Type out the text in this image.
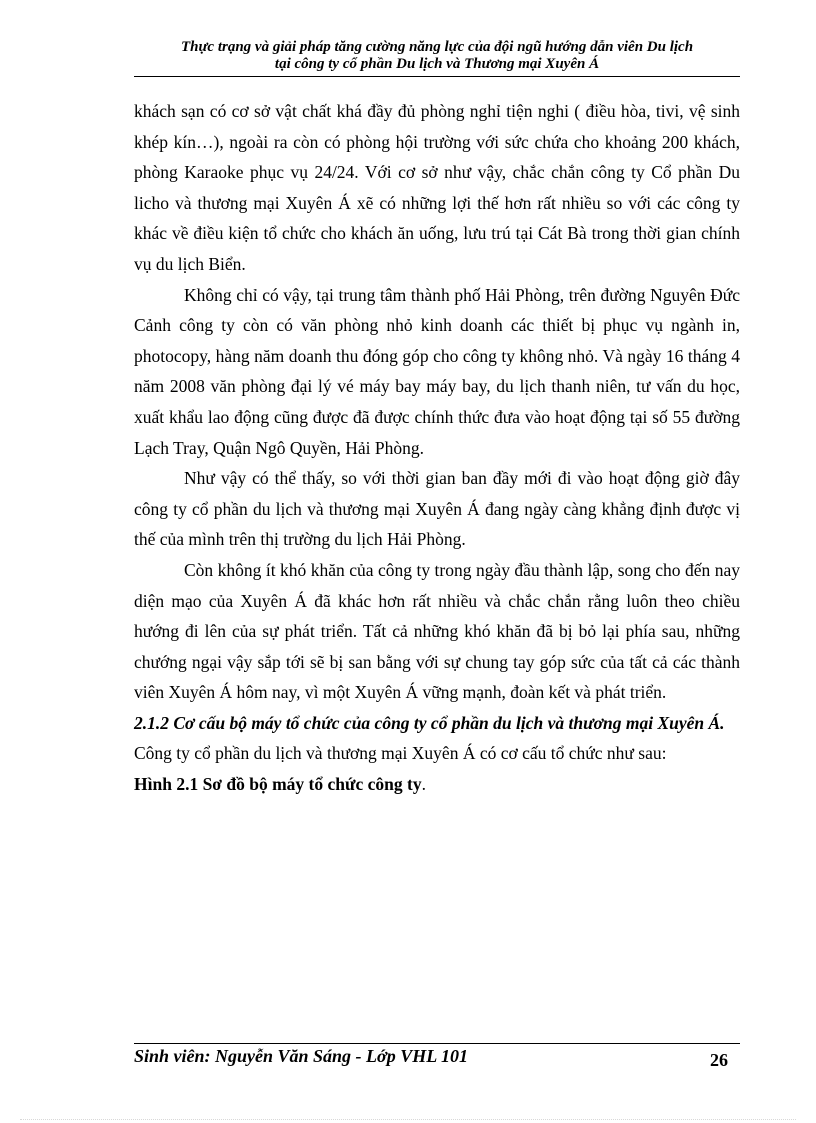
Thực trạng và giải pháp tăng cường năng lực của đội ngũ hướng dẫn viên Du lịch
tại công ty cổ phần Du lịch và Thương mại Xuyên Á

khách sạn có cơ sở vật chất khá đầy đủ phòng nghỉ tiện nghi ( điều hòa, tivi, vệ sinh khép kín…), ngoài ra còn có phòng hội trường với sức chứa cho khoảng 200 khách, phòng Karaoke phục vụ 24/24. Với cơ sở như vậy, chắc chắn công ty Cổ phần Du licho và thương mại Xuyên Á xẽ có những lợi thế hơn rất nhiều so với các công ty khác về điều kiện tổ chức cho khách ăn uống, lưu trú tại Cát Bà trong thời gian chính vụ du lịch Biển.

Không chỉ có vậy, tại trung tâm thành phố Hải Phòng, trên đường Nguyên Đức Cảnh công ty còn có văn phòng nhỏ kinh doanh các thiết bị phục vụ ngành in, photocopy, hàng năm doanh thu đóng góp cho công ty không nhỏ. Và ngày 16 tháng 4 năm 2008 văn phòng đại lý vé máy bay máy bay, du lịch thanh niên, tư vấn du học, xuất khẩu lao động cũng được đã được chính thức đưa vào hoạt động tại số 55 đường Lạch Tray, Quận Ngô Quyền, Hải Phòng.

Như vậy có thể thấy, so với thời gian ban đầy mới đi vào hoạt động giờ đây công ty cổ phần du lịch và thương mại Xuyên Á đang ngày càng khẳng định được vị thế của mình trên thị trường du lịch Hải Phòng.

Còn không ít khó khăn của công ty trong ngày đầu thành lập, song cho đến nay diện mạo của Xuyên Á đã khác hơn rất nhiều và chắc chắn rằng luôn theo chiều hướng đi lên của sự phát triển. Tất cả những khó khăn đã bị bỏ lại phía sau, những chướng ngại vậy sắp tới sẽ bị san bằng với sự chung tay góp sức của tất cả các thành viên Xuyên Á hôm nay, vì một Xuyên Á vững mạnh, đoàn kết và phát triển.

2.1.2 Cơ cấu bộ máy tổ chức của công ty cổ phần du lịch và thương mại Xuyên Á.

Công ty cổ phần du lịch và thương mại Xuyên Á có cơ cấu tổ chức như sau:

Hình 2.1 Sơ đồ bộ máy tổ chức công ty.

Sinh viên: Nguyễn Văn Sáng - Lớp VHL 101	26
